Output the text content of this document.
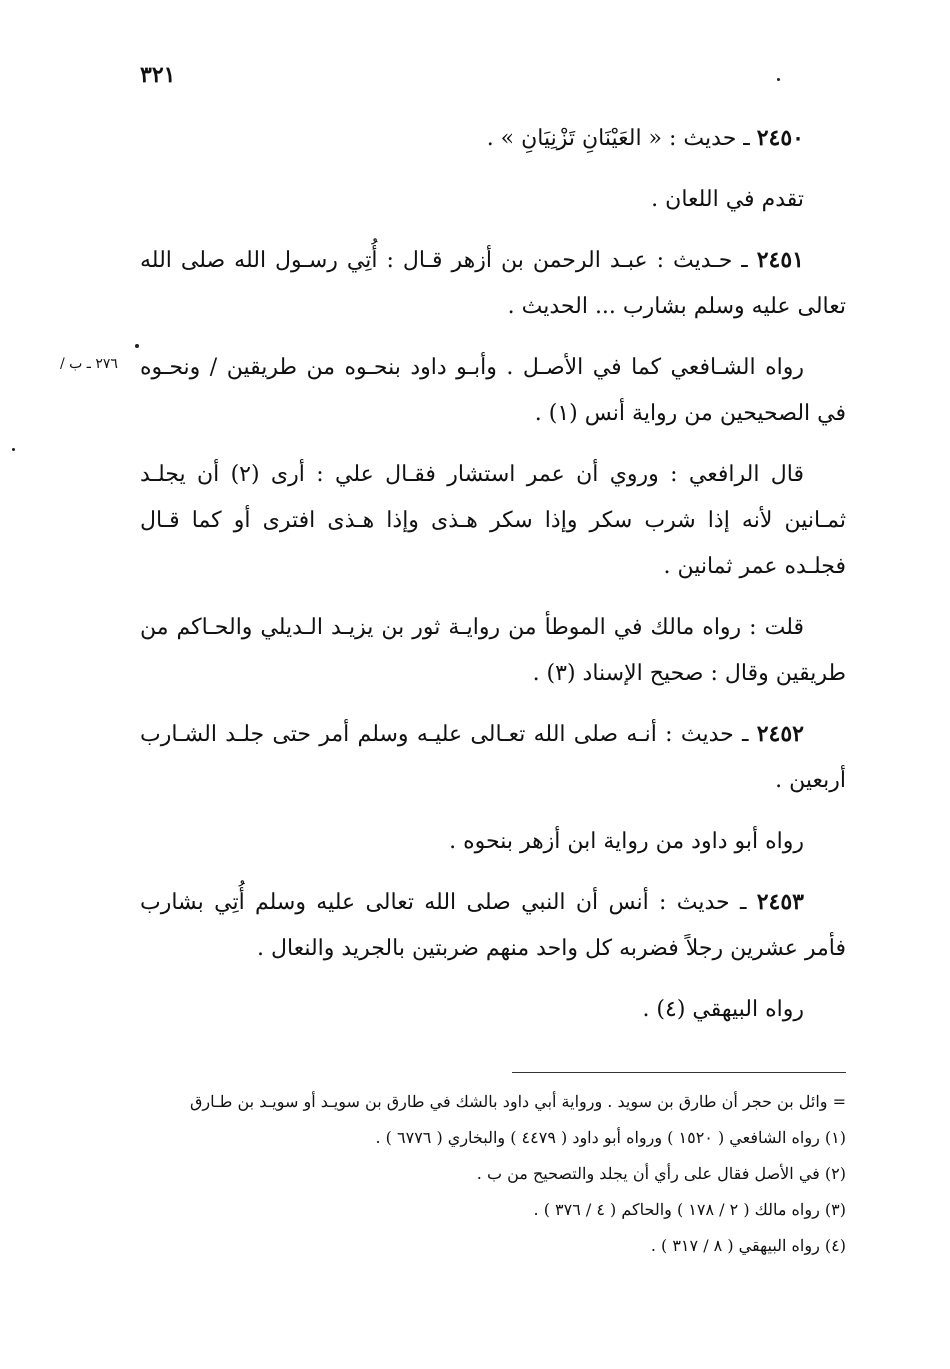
٣٢١
٢٧٦ ـ ب /

٢٤٥٠ ـ حديث : « العَيْنَانِ تَزْنِيَانِ » .

تقدم في اللعان .

٢٤٥١ ـ حـديث : عبـد الرحمن بن أزهر قـال : أُتِي رسـول الله صلى الله تعالى عليه وسلم بشارب ... الحديث .

رواه الشـافعي كما في الأصـل . وأبـو داود بنحـوه من طريقين / ونحـوه في الصحيحين من رواية أنس (١) .

قال الرافعي : وروي أن عمر استشار فقـال علي : أرى (٢) أن يجلـد ثمـانين لأنه إذا شرب سكر وإذا سكر هـذى وإذا هـذى افترى أو كما قـال فجلـده عمر ثمانين .

قلت : رواه مالك في الموطأ من روايـة ثور بن يزيـد الـديلي والحـاكم من طريقين وقال : صحيح الإسناد (٣) .

٢٤٥٢ ـ حديث : أنـه صلى الله تعـالى عليـه وسلم أمر حتى جلـد الشـارب أربعين .

رواه أبو داود من رواية ابن أزهر بنحوه .

٢٤٥٣ ـ حديث : أنس أن النبي صلى الله تعالى عليه وسلم أُتِي بشارب فأمر عشرين رجلاً فضربه كل واحد منهم ضربتين بالجريد والنعال .

رواه البيهقي (٤) .

= وائل بن حجر أن طارق بن سويد . ورواية أبي داود بالشك في طارق بن سويـد أو سويـد بن طـارق
(١) رواه الشافعي ( ١٥٢٠ ) ورواه أبو داود ( ٤٤٧٩ ) والبخاري ( ٦٧٧٦ ) .
(٢) في الأصل فقال على رأي أن يجلد والتصحيح من ب .
(٣) رواه مالك ( ٢ / ١٧٨ ) والحاكم ( ٤ / ٣٧٦ ) .
(٤) رواه البيهقي ( ٨ / ٣١٧ ) .
